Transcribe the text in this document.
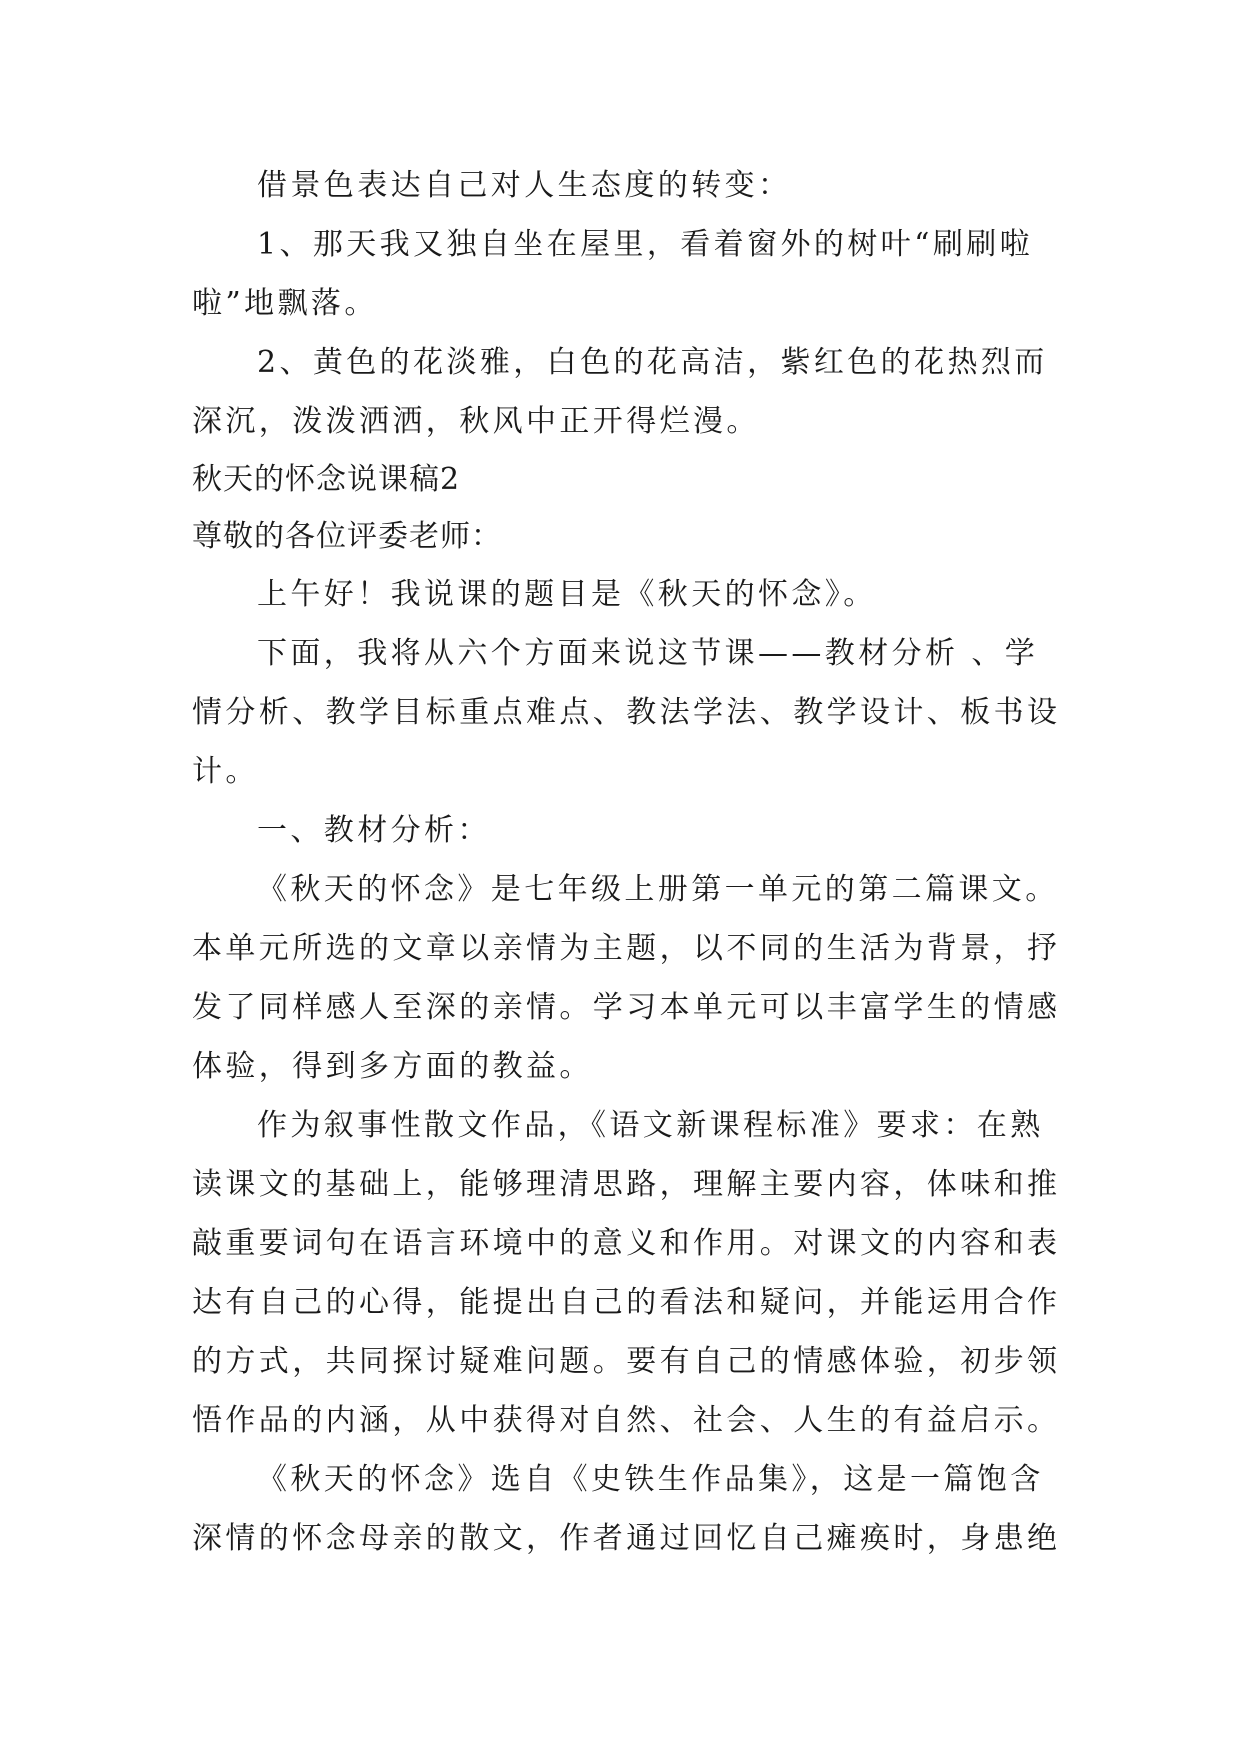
借景色表达自己对人生态度的转变：
1、那天我又独自坐在屋里，看着窗外的树叶“刷刷啦
啦”地飘落。
2、黄色的花淡雅，白色的花高洁，紫红色的花热烈而
深沉，泼泼洒洒，秋风中正开得烂漫。
秋天的怀念说课稿2
尊敬的各位评委老师：
上午好！我说课的题目是《秋天的怀念》。
下面，我将从六个方面来说这节课——教材分析 、学
情分析、教学目标重点难点、教法学法、教学设计、板书设
计。
一、教材分析：
《秋天的怀念》是七年级上册第一单元的第二篇课文。
本单元所选的文章以亲情为主题，以不同的生活为背景，抒
发了同样感人至深的亲情。学习本单元可以丰富学生的情感
体验，得到多方面的教益。
作为叙事性散文作品，《语文新课程标准》要求：在熟
读课文的基础上，能够理清思路，理解主要内容，体味和推
敲重要词句在语言环境中的意义和作用。对课文的内容和表
达有自己的心得，能提出自己的看法和疑问，并能运用合作
的方式，共同探讨疑难问题。要有自己的情感体验，初步领
悟作品的内涵，从中获得对自然、社会、人生的有益启示。
《秋天的怀念》选自《史铁生作品集》，这是一篇饱含
深情的怀念母亲的散文，作者通过回忆自己瘫痪时，身患绝
